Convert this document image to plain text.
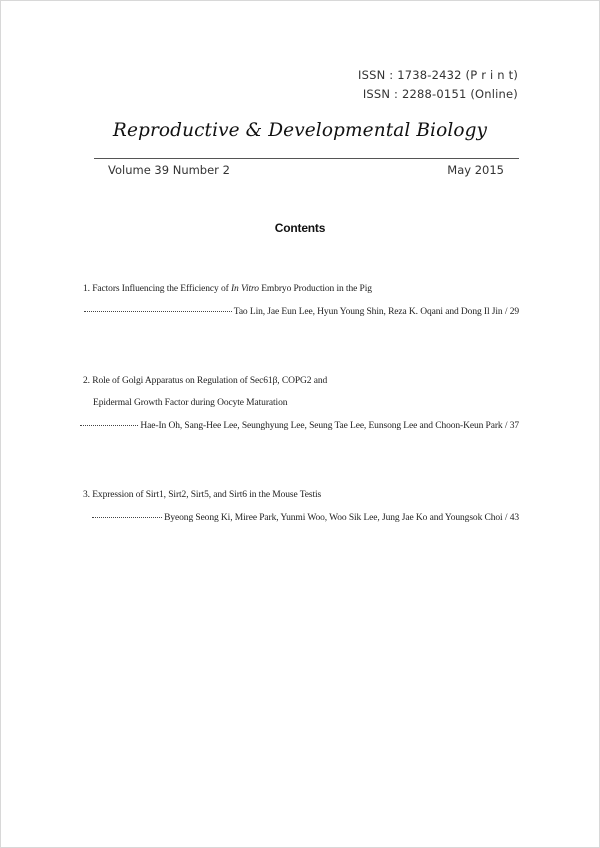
ISSN : 1738-2432 (P r i n t)
ISSN : 2288-0151 (Online)
Reproductive & Developmental Biology
Volume 39 Number 2	May 2015
Contents
1. Factors Influencing the Efficiency of In Vitro Embryo Production in the Pig
Tao Lin, Jae Eun Lee, Hyun Young Shin, Reza K. Oqani and Dong Il Jin / 29
2. Role of Golgi Apparatus on Regulation of Sec61β, COPG2 and
Epidermal Growth Factor during Oocyte Maturation
Hae-In Oh, Sang-Hee Lee, Seunghyung Lee, Seung Tae Lee, Eunsong Lee and Choon-Keun Park / 37
3. Expression of Sirt1, Sirt2, Sirt5, and Sirt6 in the Mouse Testis
Byeong Seong Ki, Miree Park, Yunmi Woo, Woo Sik Lee, Jung Jae Ko and Youngsok Choi / 43
